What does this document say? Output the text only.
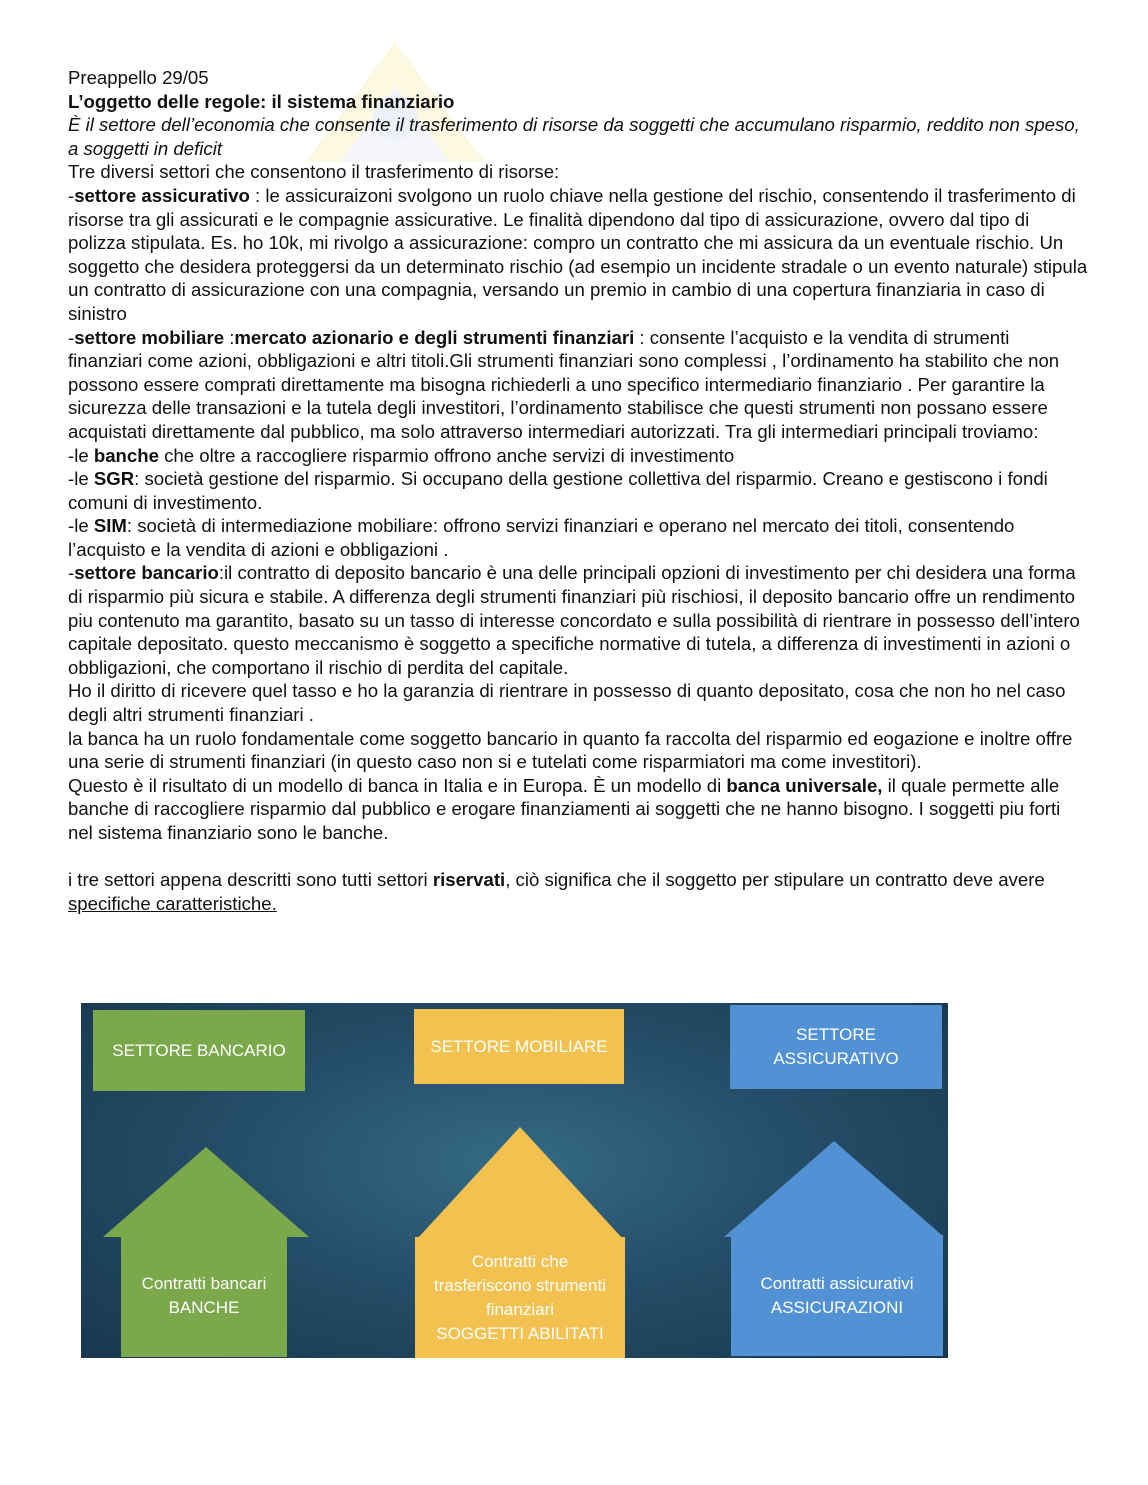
Preappello 29/05

L’oggetto delle regole: il sistema finanziario

È il settore dell’economia che consente il trasferimento di risorse da soggetti che accumulano risparmio, reddito non speso, a soggetti in deficit

Tre diversi settori che consentono il trasferimento di risorse:

-settore assicurativo : le assicuraizoni svolgono un ruolo chiave nella gestione del rischio, consentendo il trasferimento di risorse tra gli assicurati e le compagnie assicurative. Le finalità dipendono dal tipo di assicurazione, ovvero dal tipo di polizza stipulata. Es. ho 10k, mi rivolgo a assicurazione: compro un contratto che mi assicura da un eventuale rischio. Un soggetto che desidera proteggersi da un determinato rischio (ad esempio un incidente stradale o un evento naturale) stipula un contratto di assicurazione con una compagnia, versando un premio in cambio di una copertura finanziaria in caso di sinistro

-settore mobiliare :mercato azionario e degli strumenti finanziari : consente l’acquisto e la vendita di strumenti finanziari come azioni, obbligazioni e altri titoli.Gli strumenti finanziari sono complessi , l’ordinamento ha stabilito che non possono essere comprati direttamente ma bisogna richiederli a uno specifico intermediario finanziario . Per garantire la sicurezza delle transazioni e la tutela degli investitori, l’ordinamento stabilisce che questi strumenti non possano essere acquistati direttamente dal pubblico, ma solo attraverso intermediari autorizzati. Tra gli intermediari principali troviamo:

-le banche che oltre a raccogliere risparmio offrono anche servizi di investimento

-le SGR: società gestione del risparmio. Si occupano della gestione collettiva del risparmio. Creano e gestiscono i fondi comuni di investimento.

-le SIM: società di intermediazione mobiliare: offrono servizi finanziari e operano nel mercato dei titoli, consentendo l’acquisto e la vendita di azioni e obbligazioni .

-settore bancario:il contratto di deposito bancario è una delle principali opzioni di investimento per chi desidera una forma di risparmio più sicura e stabile. A differenza degli strumenti finanziari più rischiosi, il deposito bancario offre un rendimento piu contenuto ma garantito, basato su un tasso di interesse concordato e sulla possibilità di rientrare in possesso dell’intero capitale depositato. questo meccanismo è soggetto a specifiche normative di tutela, a differenza di investimenti in azioni o obbligazioni, che comportano il rischio di perdita del capitale.

Ho il diritto di ricevere quel tasso e ho la garanzia di rientrare in possesso di quanto depositato, cosa che non ho nel caso degli altri strumenti finanziari .

la banca ha un ruolo fondamentale come soggetto bancario in quanto fa raccolta del risparmio ed eogazione e inoltre offre una serie di strumenti finanziari (in questo caso non si e tutelati come risparmiatori ma come investitori).

Questo è il risultato di un modello di banca in Italia e in Europa. È un modello di banca universale, il quale permette alle banche di raccogliere risparmio dal pubblico e erogare finanziamenti ai soggetti che ne hanno bisogno. I soggetti piu forti nel sistema finanziario sono le banche.

i tre settori appena descritti sono tutti settori riservati, ciò significa che il soggetto per stipulare un contratto deve avere specifiche caratteristiche.

SETTORE BANCARIO	SETTORE MOBILIARE
SETTORE
ASSICURATIVO
Contratti bancari
BANCHE
Contratti che
trasferiscono strumenti
finanziari
SOGGETTI ABILITATI
Contratti assicurativi
ASSICURAZIONI
